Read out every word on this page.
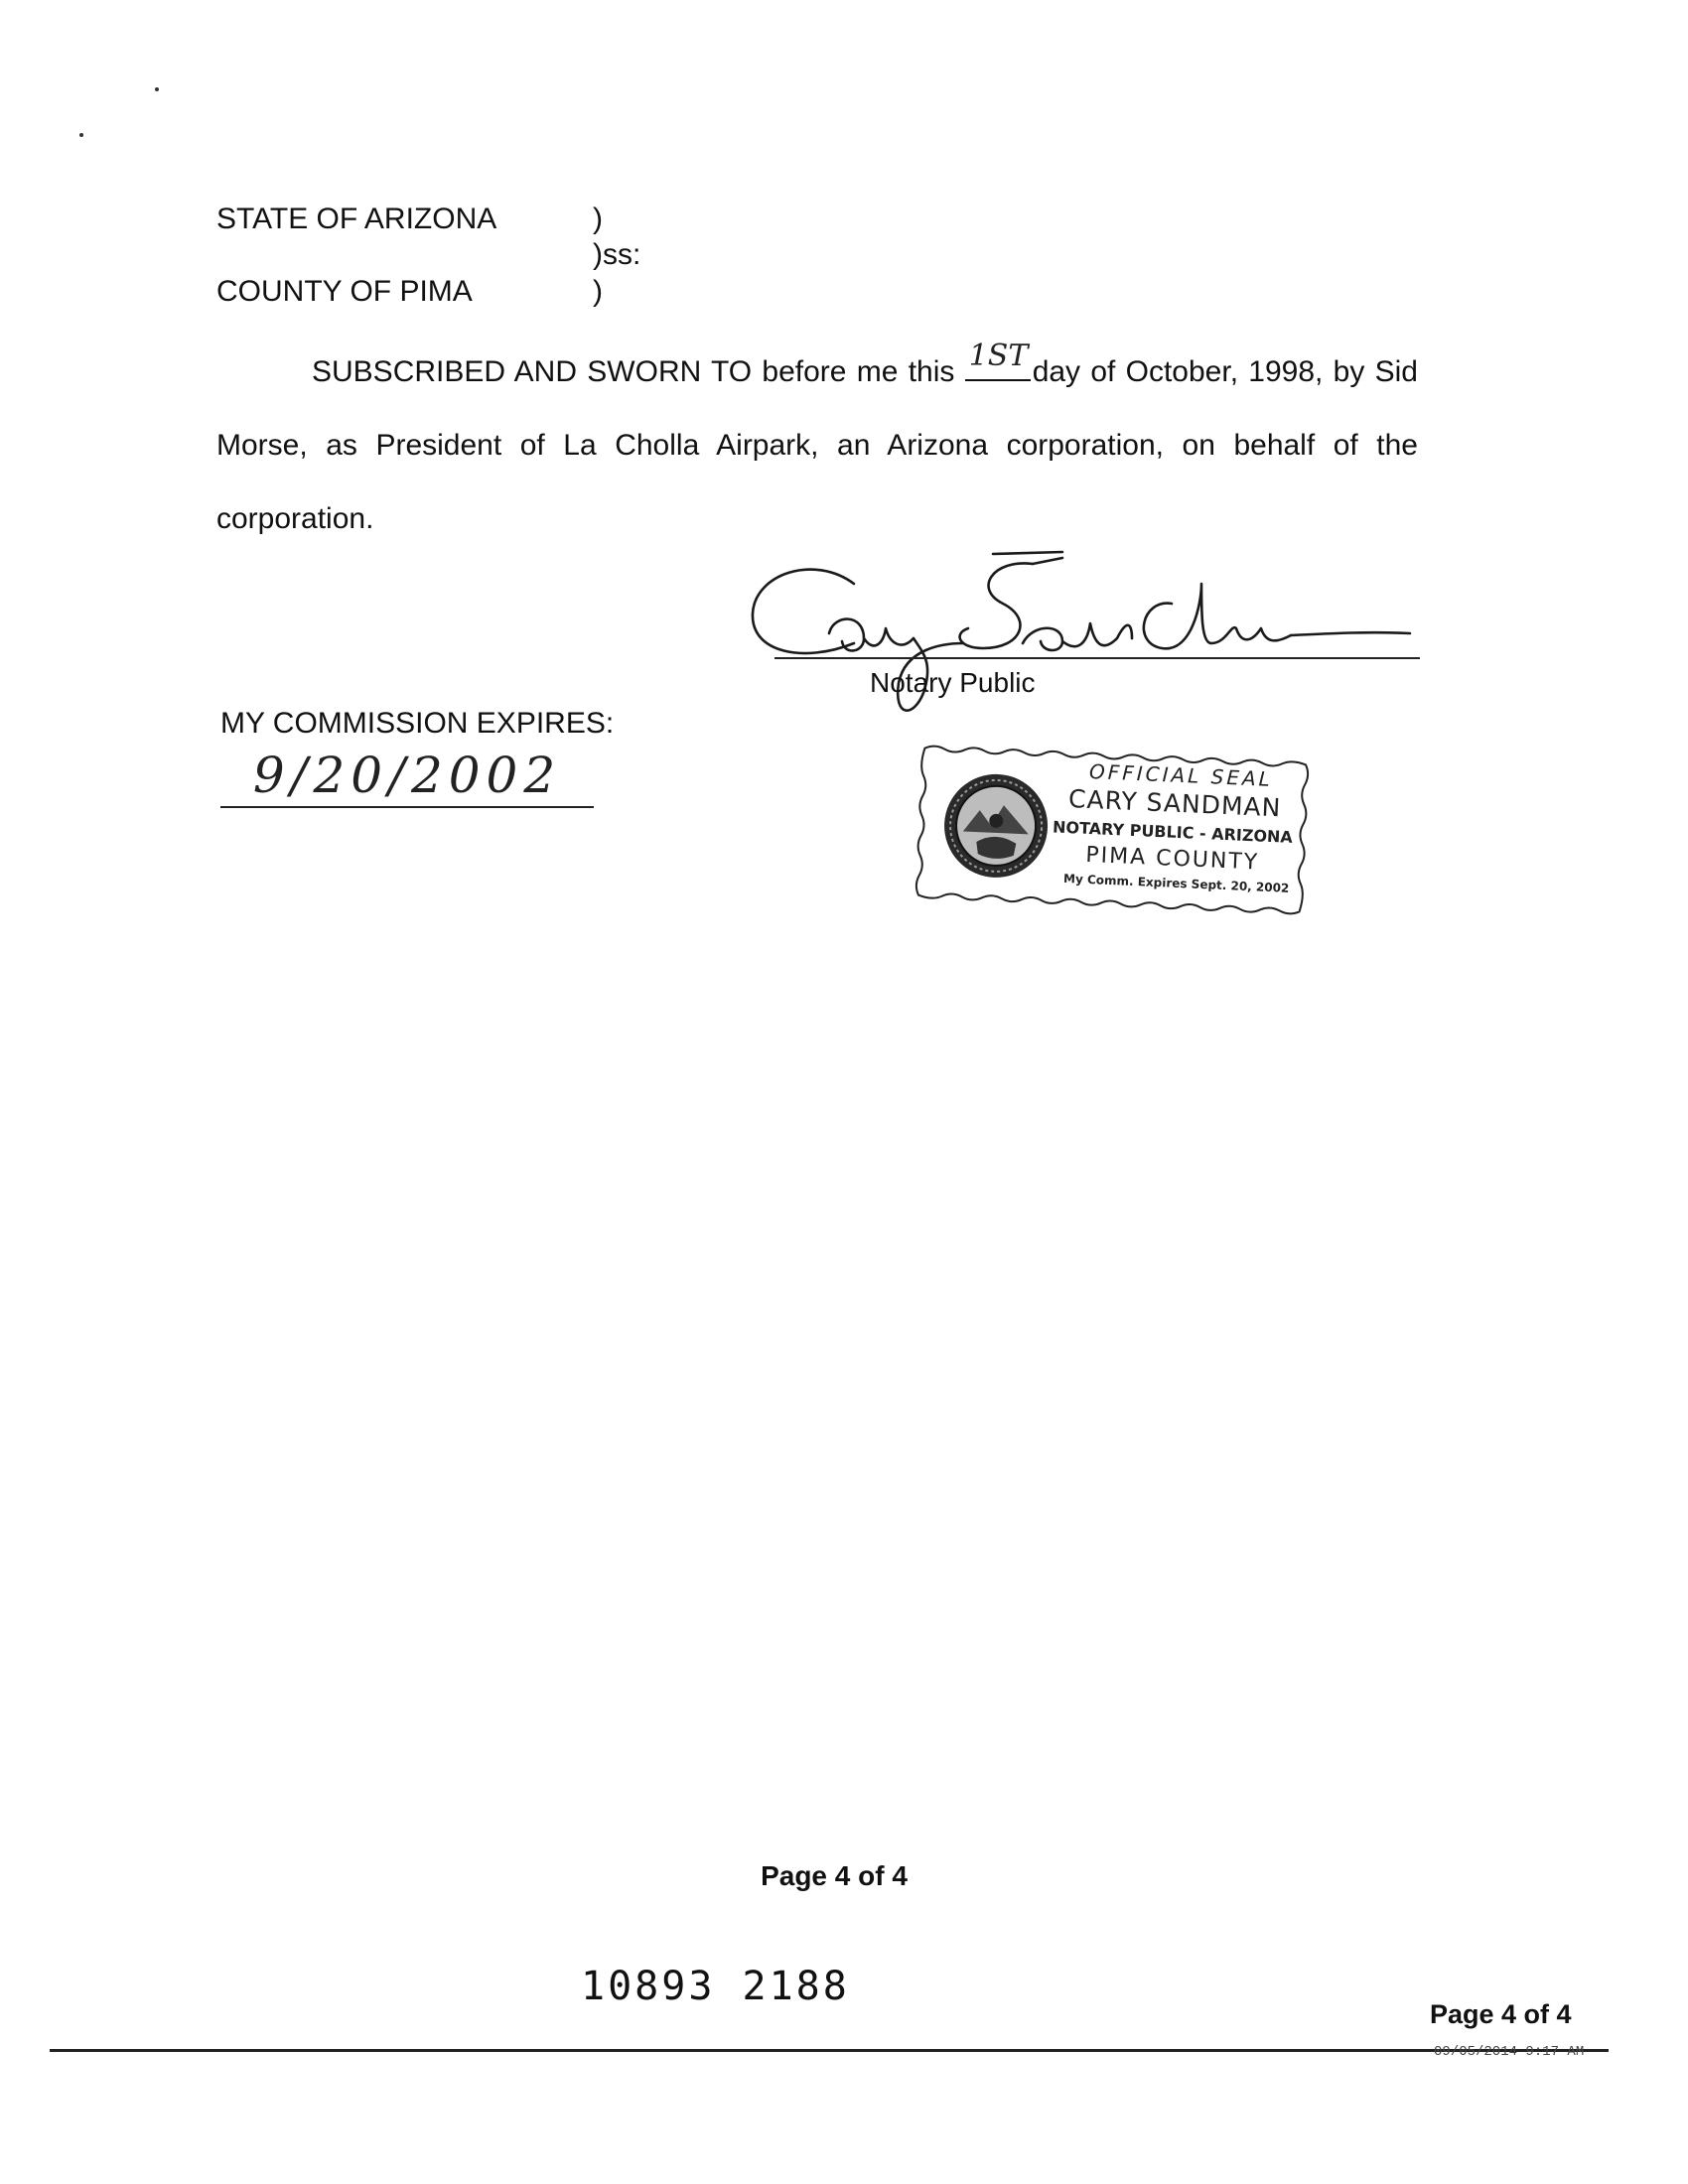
STATE OF ARIZONA	)
)ss:
COUNTY OF PIMA	)
SUBSCRIBED AND SWORN TO before me this 1ST day of October, 1998, by Sid Morse, as President of La Cholla Airpark, an Arizona corporation, on behalf of the corporation.
Notary Public
MY COMMISSION EXPIRES:
9/20/2002	OFFICIAL SEAL
CARY SANDMAN
NOTARY PUBLIC - ARIZONA
PIMA COUNTY
My Comm. Expires Sept. 20, 2002
Page 4 of 4
10893 2188
Page 4 of 4
09/05/2014 9:17 AM
